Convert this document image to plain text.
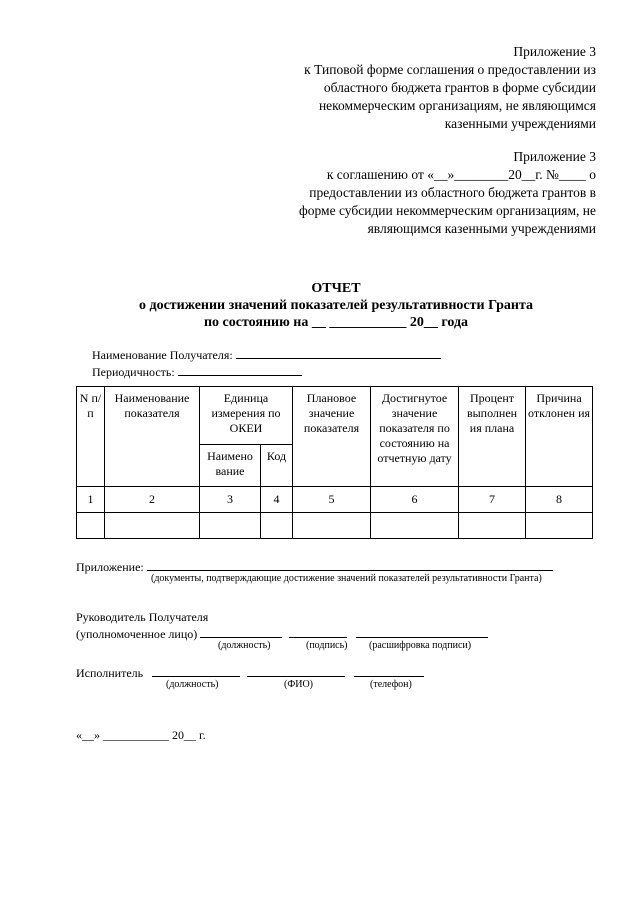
Приложение 3
к Типовой форме соглашения о предоставлении из
областного бюджета грантов в форме субсидии
некоммерческим организациям, не являющимся
казенными учреждениями
Приложение 3
к соглашению от «__»________20__г. №____ о
предоставлении из областного бюджета грантов в
форме субсидии некоммерческим организациям, не
являющимся казенными учреждениями
ОТЧЕТ
о достижении значений показателей результативности Гранта
по состоянию на __ ___________ 20__ года
Наименование Получателя:
Периодичность:
N п/п	Наименование показателя	Единица измерения по ОКЕИ		Плановое значение показателя	Достигнутое значение показателя по состоянию на отчетную дату	Процент выполнен ия плана	Причина отклонен ия
		Наимено вание	Код				
1	2	3	4	5	6	7	8

Приложение:
(документы, подтверждающие достижение значений показателей результативности Гранта)
Руководитель Получателя
(уполномоченное лицо)
(должность)	(подпись) (расшифровка подписи)
Исполнитель
(должность)	(ФИО)	(телефон)
«__» ___________ 20__ г.
